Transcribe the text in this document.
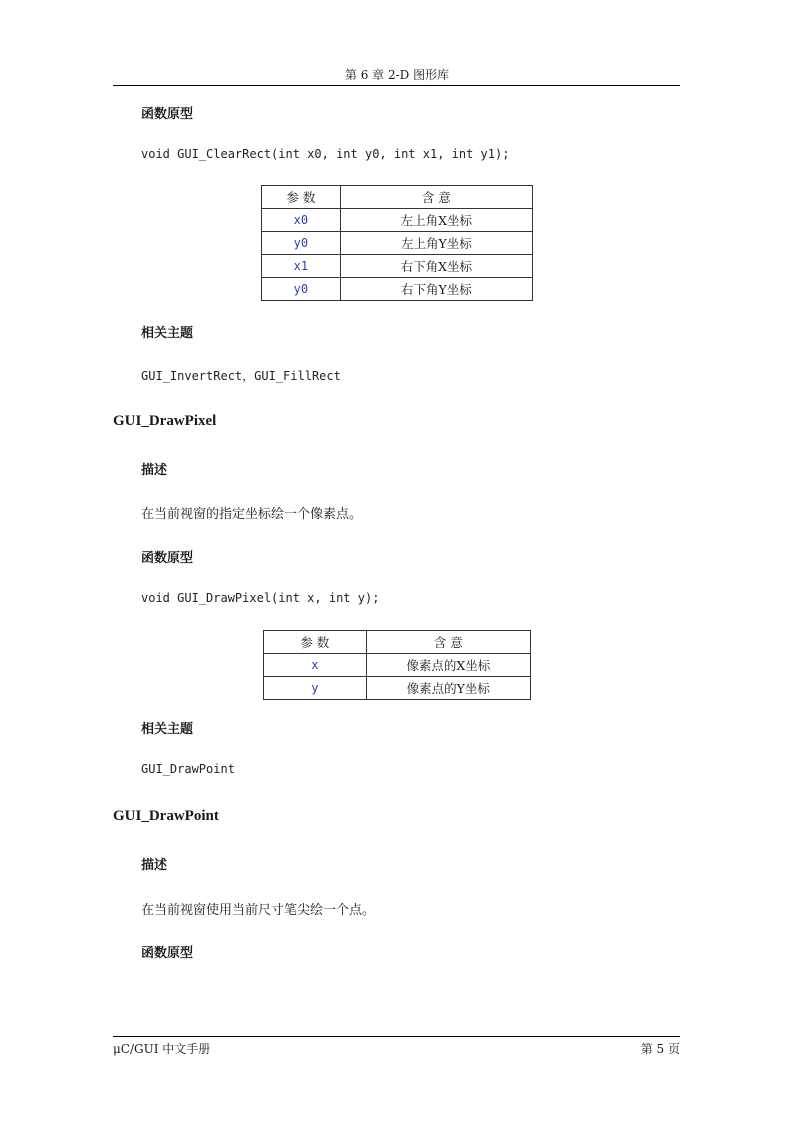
第 6 章 2-D 图形库
函数原型
void GUI_ClearRect(int x0, int y0, int x1, int y1);
参 数	含 意
x0	左上角X坐标
y0	左上角Y坐标
x1	右下角X坐标
y0	右下角Y坐标
相关主题
GUI_InvertRect，GUI_FillRect
GUI_DrawPixel
描述
在当前视窗的指定坐标绘一个像素点。
函数原型
void GUI_DrawPixel(int x, int y);
参 数	含 意
x	像素点的X坐标
y	像素点的Y坐标
相关主题
GUI_DrawPoint
GUI_DrawPoint
描述
在当前视窗使用当前尺寸笔尖绘一个点。
函数原型
μC/GUI 中文手册	第 5 页
